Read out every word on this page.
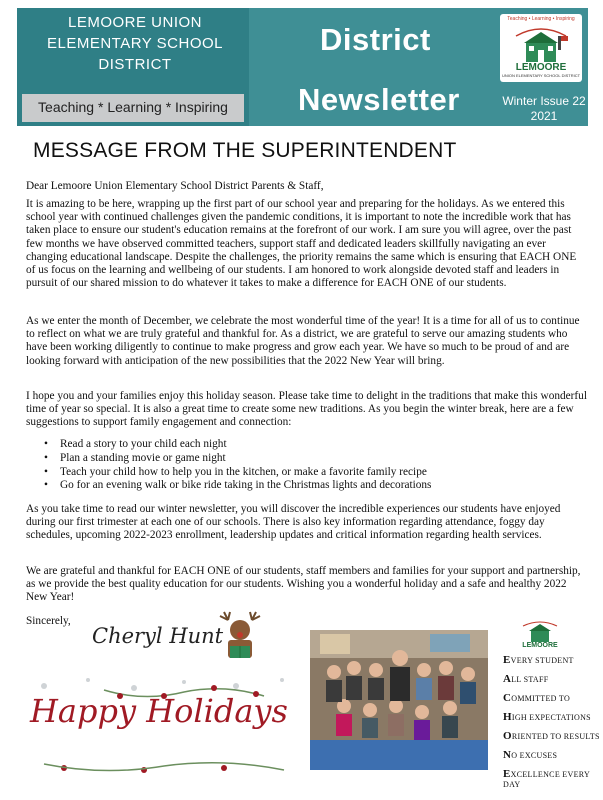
LEMOORE UNION
ELEMENTARY SCHOOL
DISTRICT
Teaching * Learning * Inspiring
District
Newsletter
Teaching • Learning • Inspiring
LEMOORE
UNION ELEMENTARY SCHOOL DISTRICT
Winter Issue 22
2021
MESSAGE FROM THE SUPERINTENDENT
Dear Lemoore Union Elementary School District Parents & Staff,
It is amazing to be here, wrapping up the first part of our school year and preparing for the holidays. As we entered this school year with continued challenges given the pandemic conditions, it is important to note the incredible work that has taken place to ensure our student's education remains at the forefront of our work. I am sure you will agree, over the past few months we have observed committed teachers, support staff and dedicated leaders skillfully navigating an ever changing educational landscape. Despite the challenges, the priority remains the same which is ensuring that EACH ONE of us focus on the learning and wellbeing of our students. I am honored to work alongside devoted staff and leaders in pursuit of our shared mission to do whatever it takes to make a difference for EACH ONE of our students.
As we enter the month of December, we celebrate the most wonderful time of the year! It is a time for all of us to continue to reflect on what we are truly grateful and thankful for. As a district, we are grateful to serve our amazing students who have been working diligently to continue to make progress and grow each year. We have so much to be proud of and are looking forward with anticipation of the new possibilities that the 2022 New Year will bring.
I hope you and your families enjoy this holiday season. Please take time to delight in the traditions that make this wonderful time of year so special. It is also a great time to create some new traditions. As you begin the winter break, here are a few suggestions to support family engagement and connection:
• Read a story to your child each night
• Plan a standing movie or game night
• Teach your child how to help you in the kitchen, or make a favorite family recipe
• Go for an evening walk or bike ride taking in the Christmas lights and decorations
As you take time to read our winter newsletter, you will discover the incredible experiences our students have enjoyed during our first trimester at each one of our schools. There is also key information regarding attendance, foggy day schedules, upcoming 2022-2023 enrollment, leadership updates and critical information regarding health services.
We are grateful and thankful for EACH ONE of our students, staff members and families for your support and partnership, as we provide the best quality education for our students. Wishing you a wonderful holiday and a safe and healthy 2022 New Year!
Sincerely,
Cheryl Hunt
Happy Holidays
LEMOORE
EVERY STUDENT
ALL STAFF
COMMITTED TO
HIGH EXPECTATIONS
ORIENTED TO RESULTS
NO EXCUSES
EXCELLENCE EVERY DAY
